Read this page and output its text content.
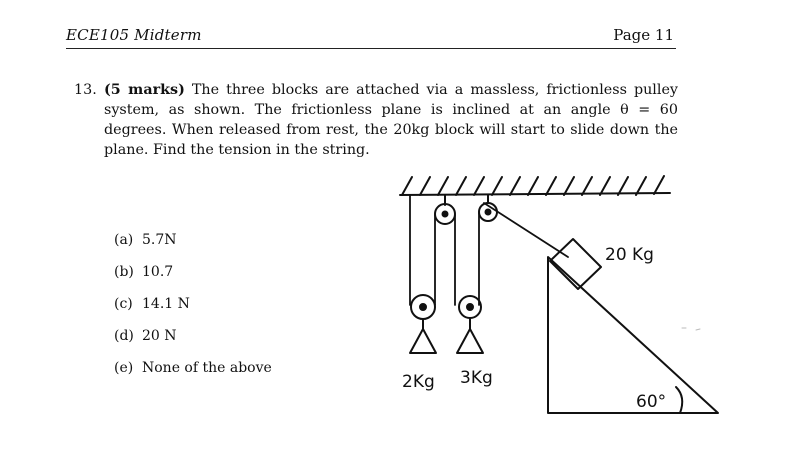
ECE105 Midterm	Page 11
13. (5 marks) The three blocks are attached via a massless, frictionless pulley system, as shown. The frictionless plane is inclined at an angle θ = 60 degrees. When released from rest, the 20kg block will start to slide down the plane. Find the tension in the string.
(a) 5.7N
(b) 10.7
(c) 14.1 N
(d) 20 N
(e) None of the above
20 Kg
2Kg 3Kg
60°
